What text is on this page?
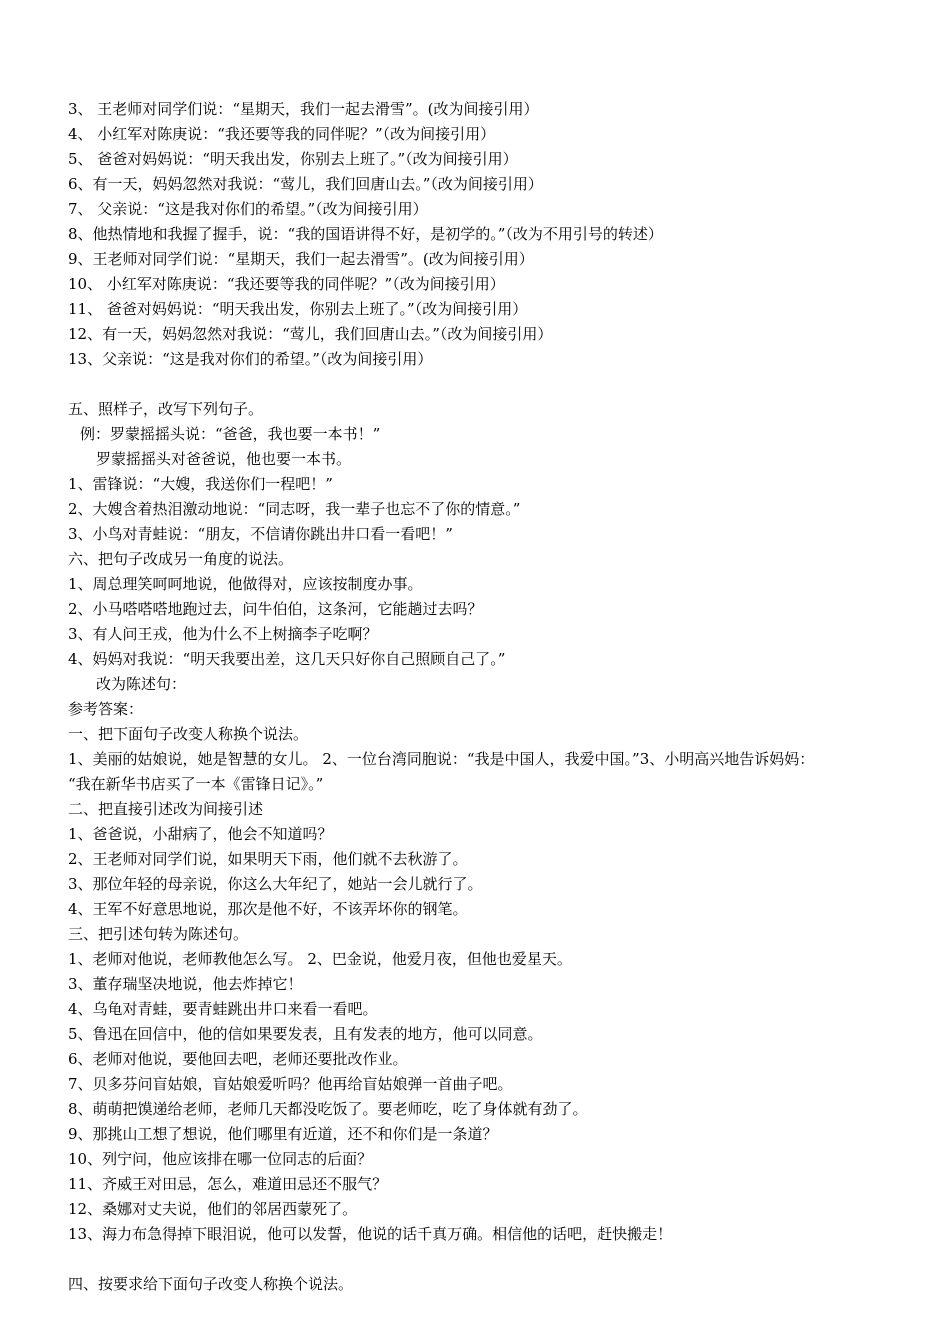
3、 王老师对同学们说：“星期天，我们一起去滑雪”。(改为间接引用）
4、 小红军对陈庚说：“我还要等我的同伴呢？”（改为间接引用）
5、 爸爸对妈妈说：“明天我出发，你别去上班了。”（改为间接引用）
6、有一天，妈妈忽然对我说：“莺儿，我们回唐山去。”（改为间接引用）
7、 父亲说：“这是我对你们的希望。”（改为间接引用）
8、他热情地和我握了握手，说：“我的国语讲得不好，是初学的。”（改为不用引号的转述）
9、王老师对同学们说：“星期天，我们一起去滑雪”。(改为间接引用）
10、 小红军对陈庚说：“我还要等我的同伴呢？”（改为间接引用）
11、 爸爸对妈妈说：“明天我出发，你别去上班了。”（改为间接引用）
12、有一天，妈妈忽然对我说：“莺儿，我们回唐山去。”（改为间接引用）
13、父亲说：“这是我对你们的希望。”（改为间接引用）
五、照样子，改写下列句子。
例：罗蒙摇摇头说：“爸爸，我也要一本书！”
罗蒙摇摇头对爸爸说，他也要一本书。
1、雷锋说：“大嫂，我送你们一程吧！”
2、大嫂含着热泪激动地说：“同志呀，我一辈子也忘不了你的情意。”
3、小鸟对青蛙说：“朋友，不信请你跳出井口看一看吧！”
六、把句子改成另一角度的说法。
1、周总理笑呵呵地说，他做得对，应该按制度办事。
2、小马嗒嗒嗒地跑过去，问牛伯伯，这条河，它能趟过去吗？
3、有人问王戎，他为什么不上树摘李子吃啊？
4、妈妈对我说：“明天我要出差，这几天只好你自己照顾自己了。”
改为陈述句：
参考答案：
一、把下面句子改变人称换个说法。
1、美丽的姑娘说，她是智慧的女儿。 2、一位台湾同胞说：“我是中国人，我爱中国。”3、小明高兴地告诉妈妈：
“我在新华书店买了一本《雷锋日记》。”
二、把直接引述改为间接引述
1、爸爸说，小甜病了，他会不知道吗？
2、王老师对同学们说，如果明天下雨，他们就不去秋游了。
3、那位年轻的母亲说，你这么大年纪了，她站一会儿就行了。
4、王军不好意思地说，那次是他不好，不该弄坏你的钢笔。
三、把引述句转为陈述句。
1、老师对他说，老师教他怎么写。 2、巴金说，他爱月夜，但他也爱星天。
3、董存瑞坚决地说，他去炸掉它！
4、乌龟对青蛙，要青蛙跳出井口来看一看吧。
5、鲁迅在回信中，他的信如果要发表，且有发表的地方，他可以同意。
6、老师对他说，要他回去吧，老师还要批改作业。
7、贝多芬问盲姑娘，盲姑娘爱听吗？他再给盲姑娘弹一首曲子吧。
8、萌萌把馍递给老师，老师几天都没吃饭了。要老师吃，吃了身体就有劲了。
9、那挑山工想了想说，他们哪里有近道，还不和你们是一条道？
10、列宁问，他应该排在哪一位同志的后面？
11、齐威王对田忌，怎么，难道田忌还不服气？
12、桑娜对丈夫说，他们的邻居西蒙死了。
13、海力布急得掉下眼泪说，他可以发誓，他说的话千真万确。相信他的话吧，赶快搬走！
四、按要求给下面句子改变人称换个说法。
